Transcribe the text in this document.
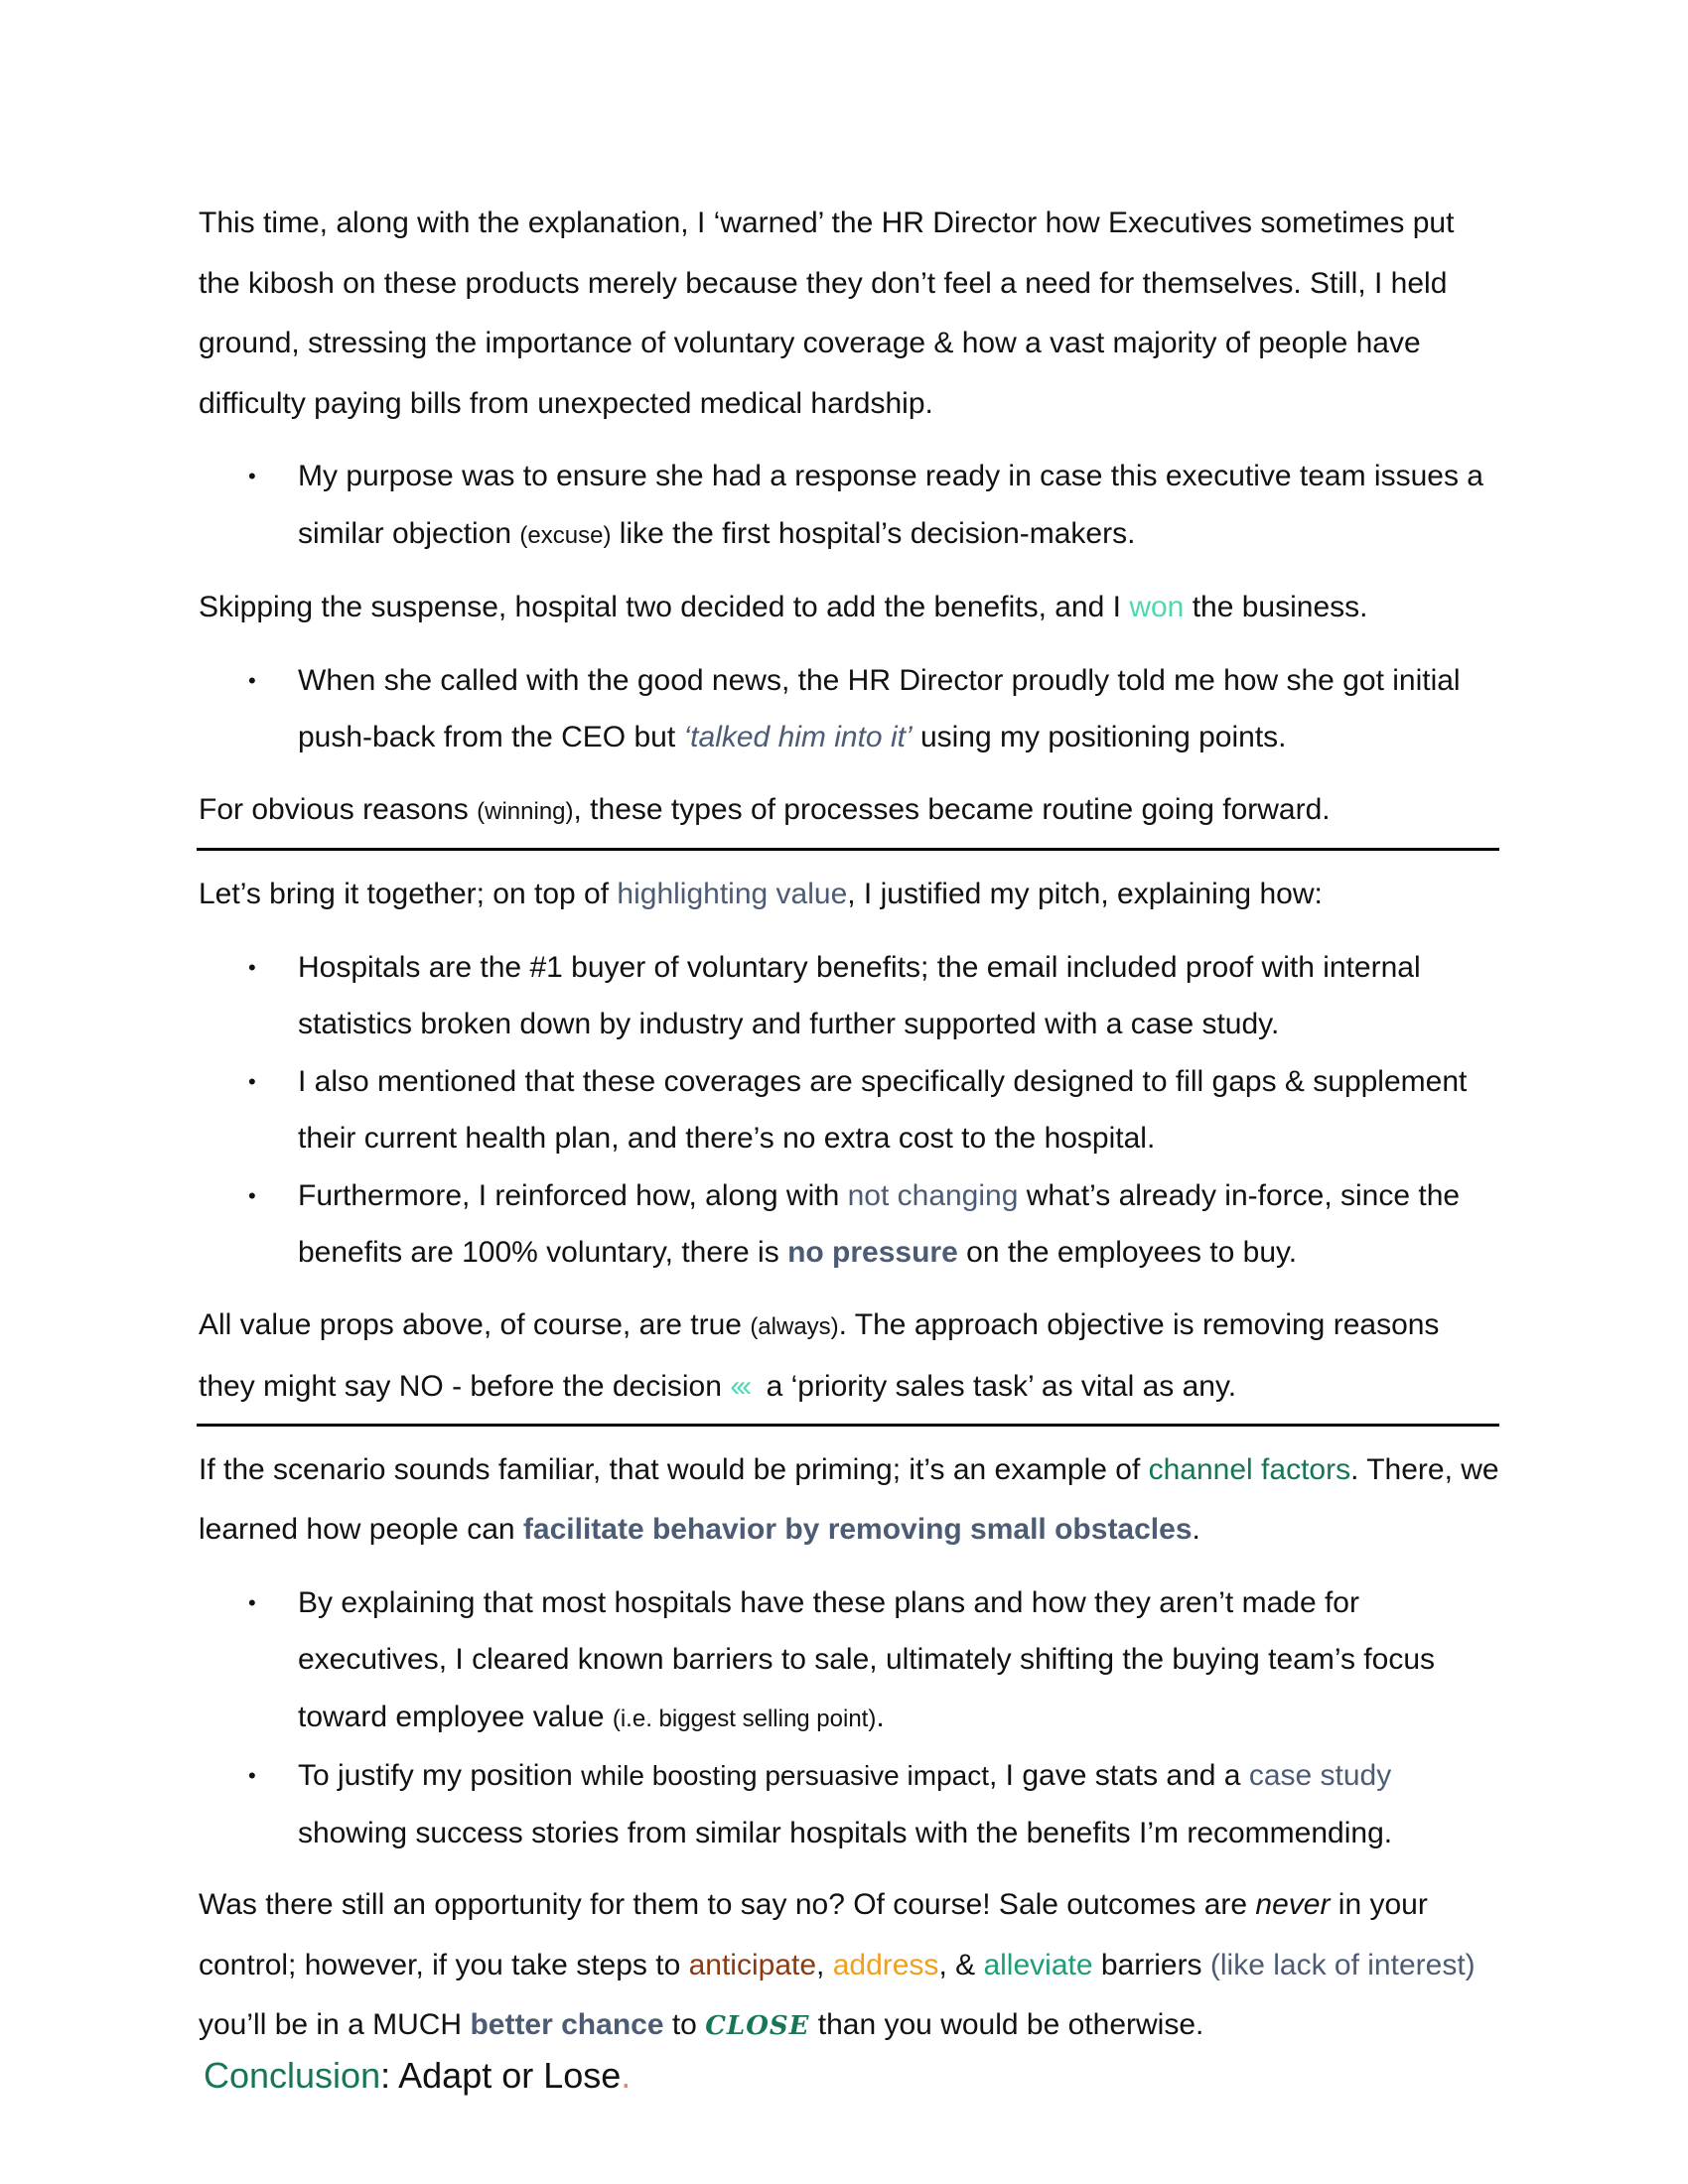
This time, along with the explanation, I ‘warned’ the HR Director how Executives sometimes put the kibosh on these products merely because they don’t feel a need for themselves. Still, I held ground, stressing the importance of voluntary coverage & how a vast majority of people have difficulty paying bills from unexpected medical hardship.

• My purpose was to ensure she had a response ready in case this executive team issues a similar objection (excuse) like the first hospital’s decision-makers.

Skipping the suspense, hospital two decided to add the benefits, and I won the business.

• When she called with the good news, the HR Director proudly told me how she got initial push-back from the CEO but ‘talked him into it’ using my positioning points.

For obvious reasons (winning), these types of processes became routine going forward.

Let’s bring it together; on top of highlighting value, I justified my pitch, explaining how:

• Hospitals are the #1 buyer of voluntary benefits; the email included proof with internal statistics broken down by industry and further supported with a case study.
• I also mentioned that these coverages are specifically designed to fill gaps & supplement their current health plan, and there’s no extra cost to the hospital.
• Furthermore, I reinforced how, along with not changing what’s already in-force, since the benefits are 100% voluntary, there is no pressure on the employees to buy.

All value props above, of course, are true (always). The approach objective is removing reasons they might say NO - before the decision ‹‹‹ a ‘priority sales task’ as vital as any.

If the scenario sounds familiar, that would be priming; it’s an example of channel factors. There, we learned how people can facilitate behavior by removing small obstacles.

• By explaining that most hospitals have these plans and how they aren’t made for executives, I cleared known barriers to sale, ultimately shifting the buying team’s focus toward employee value (i.e. biggest selling point).
• To justify my position while boosting persuasive impact, I gave stats and a case study showing success stories from similar hospitals with the benefits I’m recommending.

Was there still an opportunity for them to say no? Of course! Sale outcomes are never in your control; however, if you take steps to anticipate, address, & alleviate barriers (like lack of interest) you’ll be in a MUCH better chance to CLOSE than you would be otherwise.

Conclusion: Adapt or Lose.
